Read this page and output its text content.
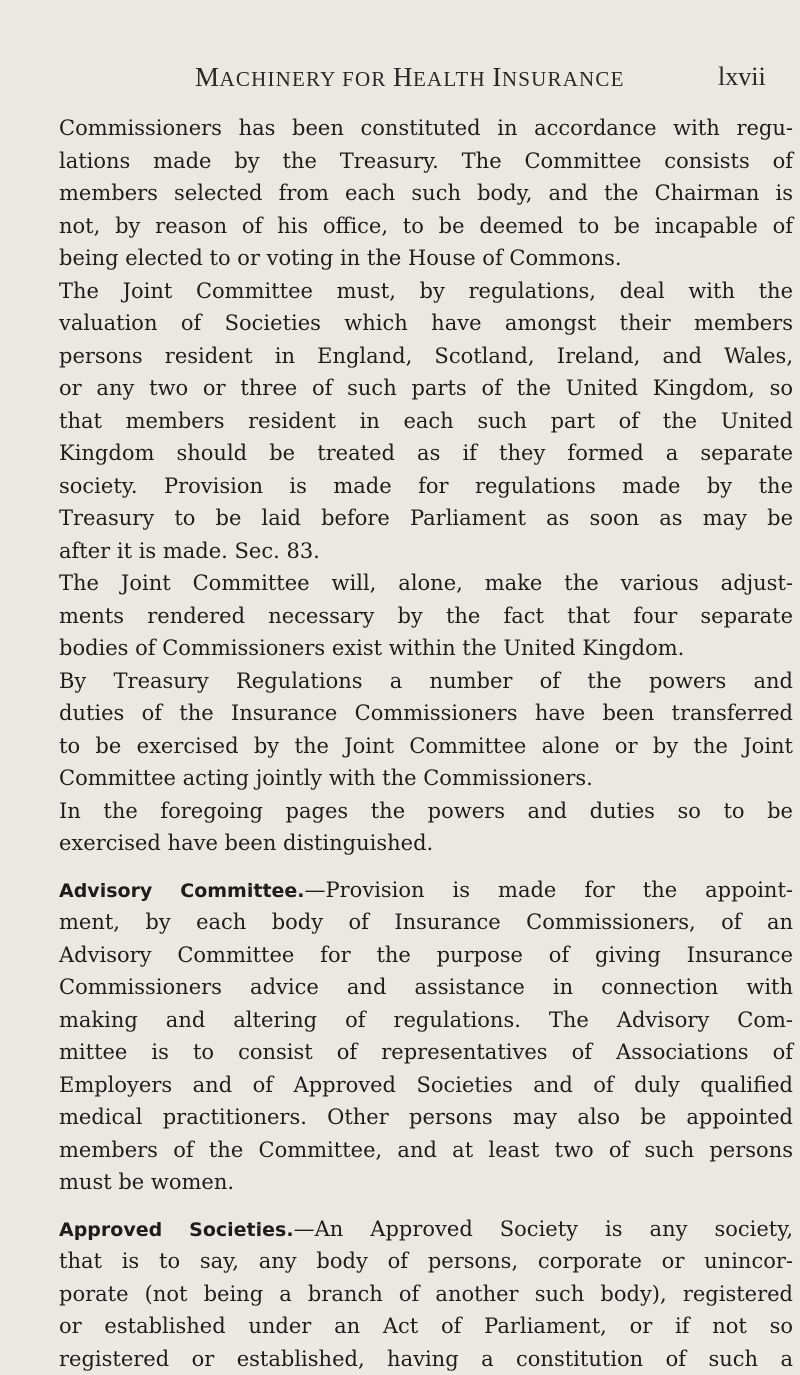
MACHINERY FOR HEALTH INSURANCE	lxvii
Commissioners has been constituted in accordance with regu-
lations made by the Treasury. The Committee consists of
members selected from each such body, and the Chairman is
not, by reason of his office, to be deemed to be incapable of
being elected to or voting in the House of Commons.
The Joint Committee must, by regulations, deal with the
valuation of Societies which have amongst their members
persons resident in England, Scotland, Ireland, and Wales,
or any two or three of such parts of the United Kingdom, so
that members resident in each such part of the United
Kingdom should be treated as if they formed a separate
society. Provision is made for regulations made by the
Treasury to be laid before Parliament as soon as may be
after it is made. Sec. 83.
The Joint Committee will, alone, make the various adjust-
ments rendered necessary by the fact that four separate
bodies of Commissioners exist within the United Kingdom.
By Treasury Regulations a number of the powers and
duties of the Insurance Commissioners have been transferred
to be exercised by the Joint Committee alone or by the Joint
Committee acting jointly with the Commissioners.
In the foregoing pages the powers and duties so to be
exercised have been distinguished.
Advisory Committee.—Provision is made for the appoint-
ment, by each body of Insurance Commissioners, of an
Advisory Committee for the purpose of giving Insurance
Commissioners advice and assistance in connection with
making and altering of regulations. The Advisory Com-
mittee is to consist of representatives of Associations of
Employers and of Approved Societies and of duly qualified
medical practitioners. Other persons may also be appointed
members of the Committee, and at least two of such persons
must be women.
Approved Societies.—An Approved Society is any society,
that is to say, any body of persons, corporate or unincor-
porate (not being a branch of another such body), registered
or established under an Act of Parliament, or if not so
registered or established, having a constitution of such a
